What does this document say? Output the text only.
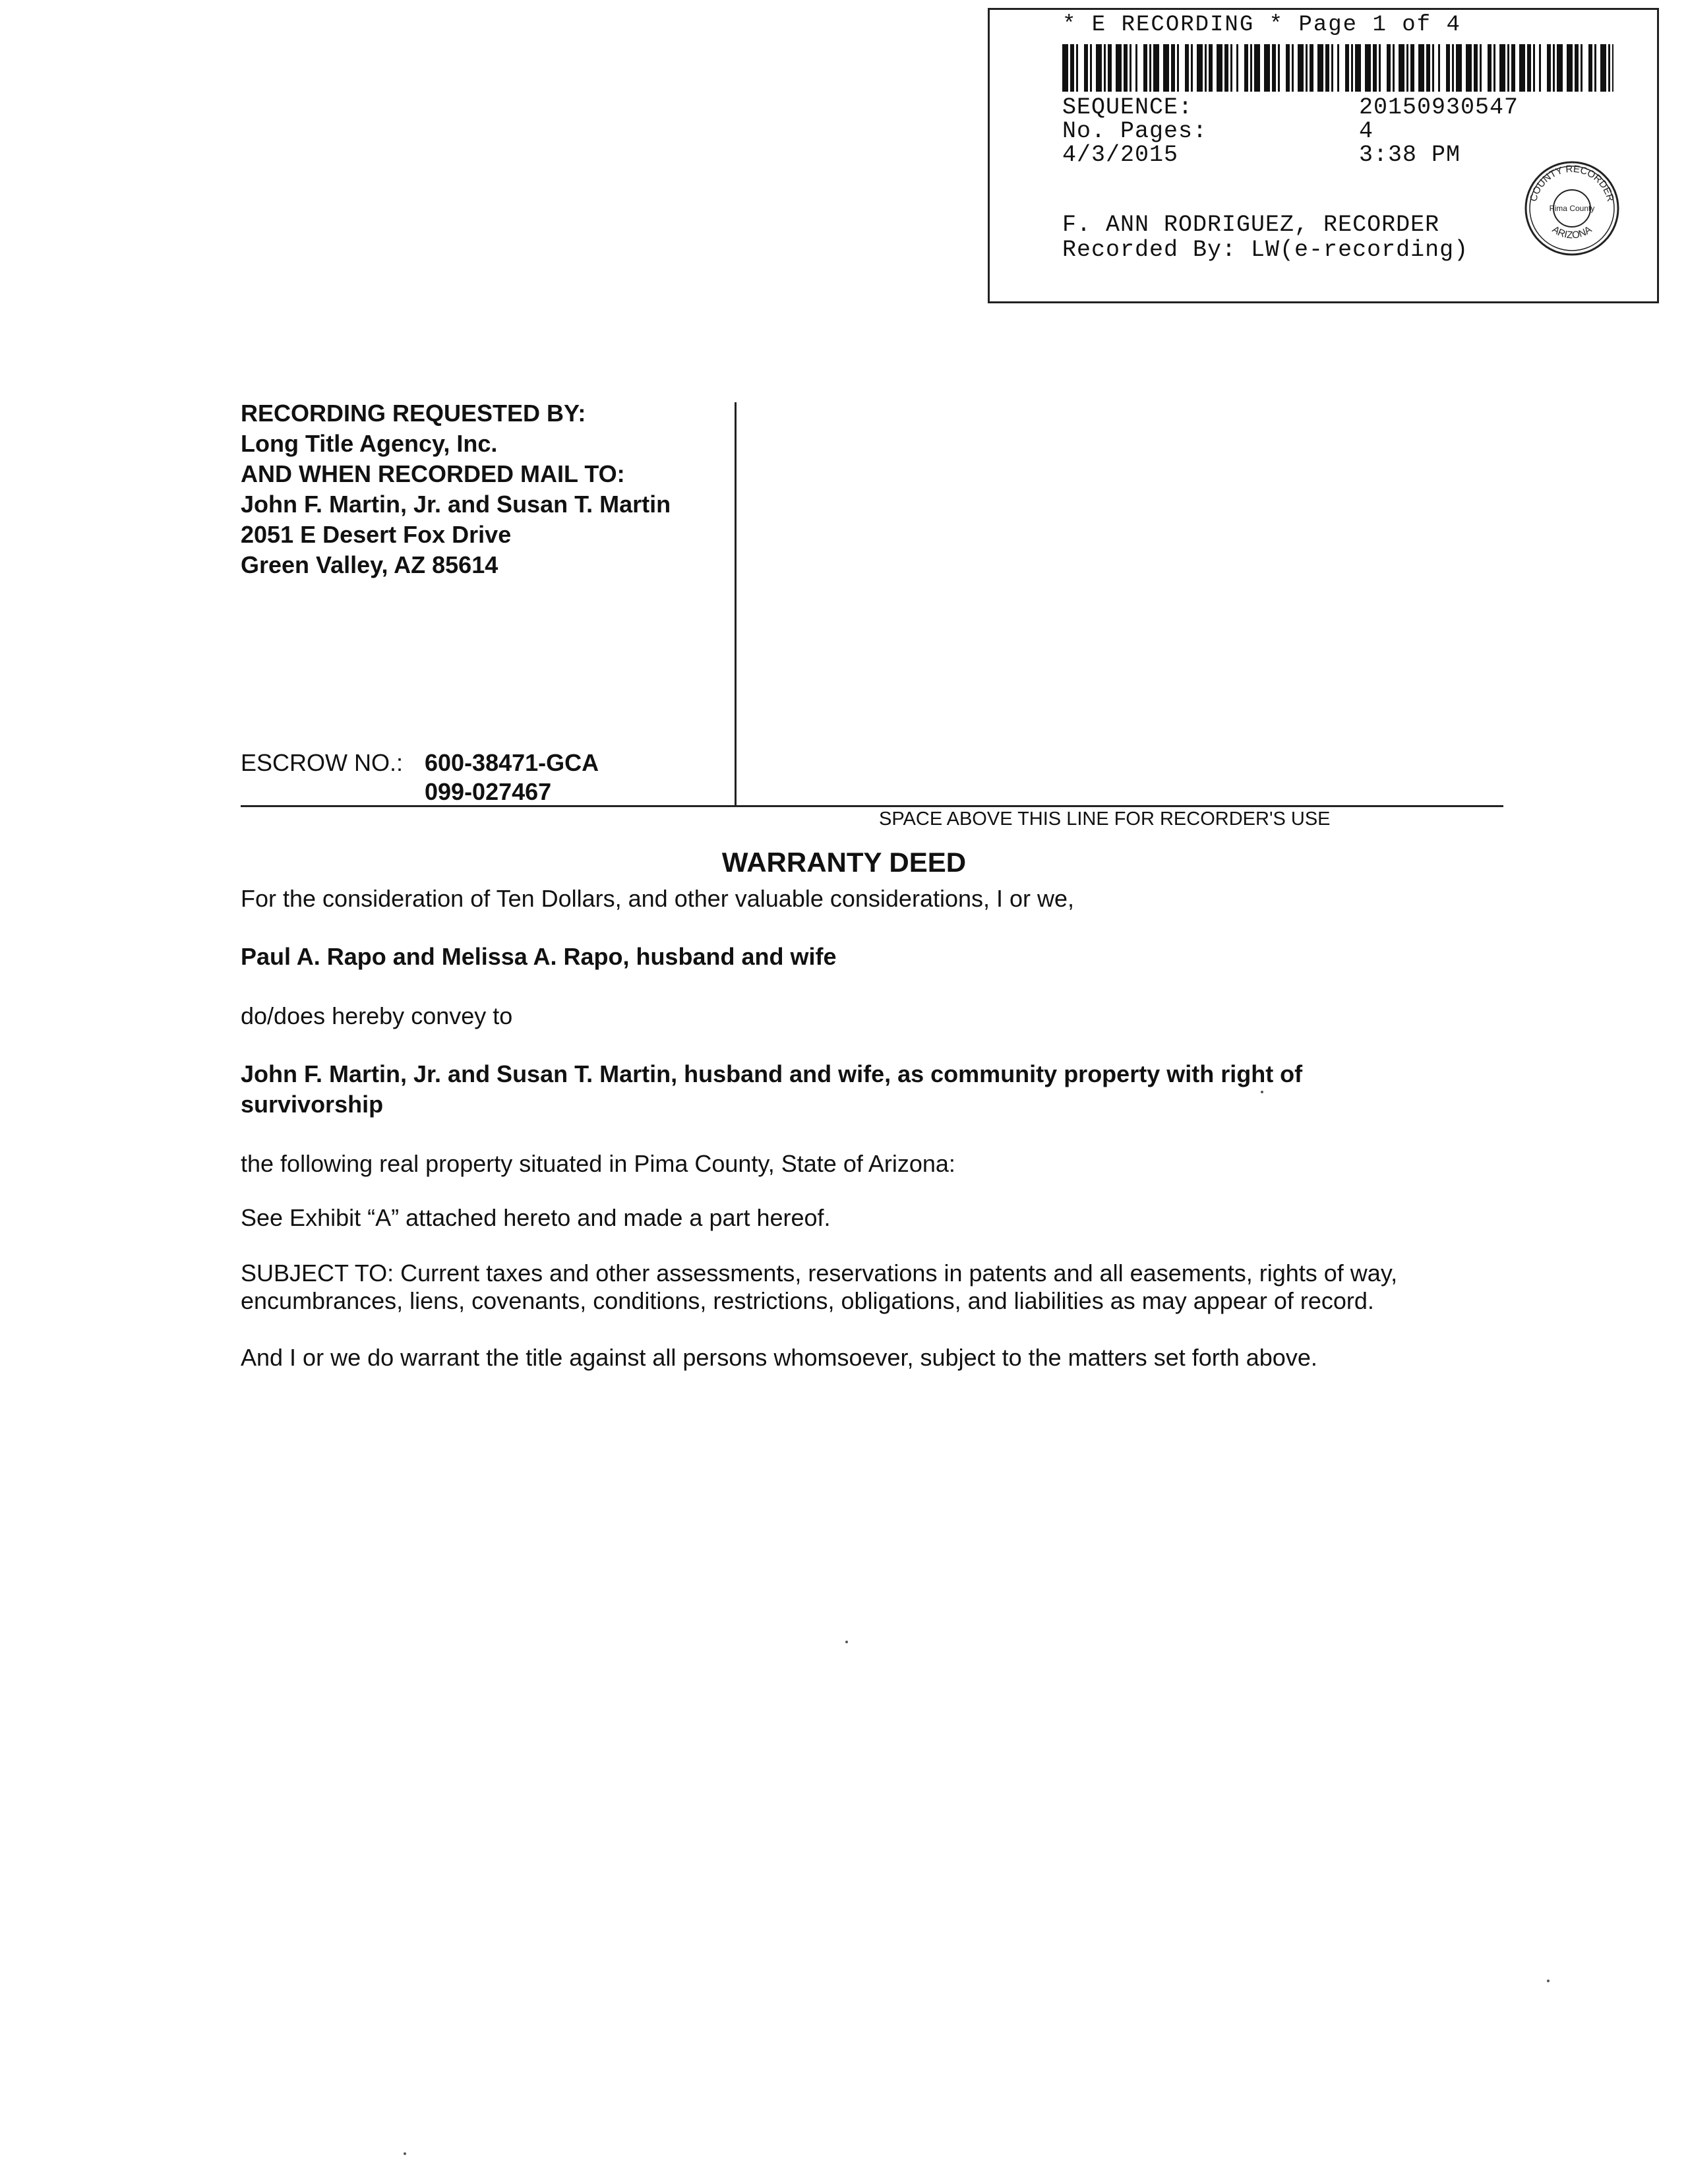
* E RECORDING * Page 1 of 4
SEQUENCE:	20150930547
No. Pages:	4
4/3/2015	3:38 PM
F. ANN RODRIGUEZ, RECORDER
Recorded By: LW(e-recording)
COUNTY RECORDER
ARIZONA
Pima County
RECORDING REQUESTED BY:
Long Title Agency, Inc.
AND WHEN RECORDED MAIL TO:
John F. Martin, Jr. and Susan T. Martin
2051 E Desert Fox Drive
Green Valley, AZ 85614
ESCROW NO.: 600-38471-GCA
099-027467
SPACE ABOVE THIS LINE FOR RECORDER'S USE
WARRANTY DEED
For the consideration of Ten Dollars, and other valuable considerations, I or we,
Paul A. Rapo and Melissa A. Rapo, husband and wife
do/does hereby convey to
John F. Martin, Jr. and Susan T. Martin, husband and wife, as community property with right of
survivorship
the following real property situated in Pima County, State of Arizona:
See Exhibit “A” attached hereto and made a part hereof.
SUBJECT TO: Current taxes and other assessments, reservations in patents and all easements, rights of way,
encumbrances, liens, covenants, conditions, restrictions, obligations, and liabilities as may appear of record.
And I or we do warrant the title against all persons whomsoever, subject to the matters set forth above.
